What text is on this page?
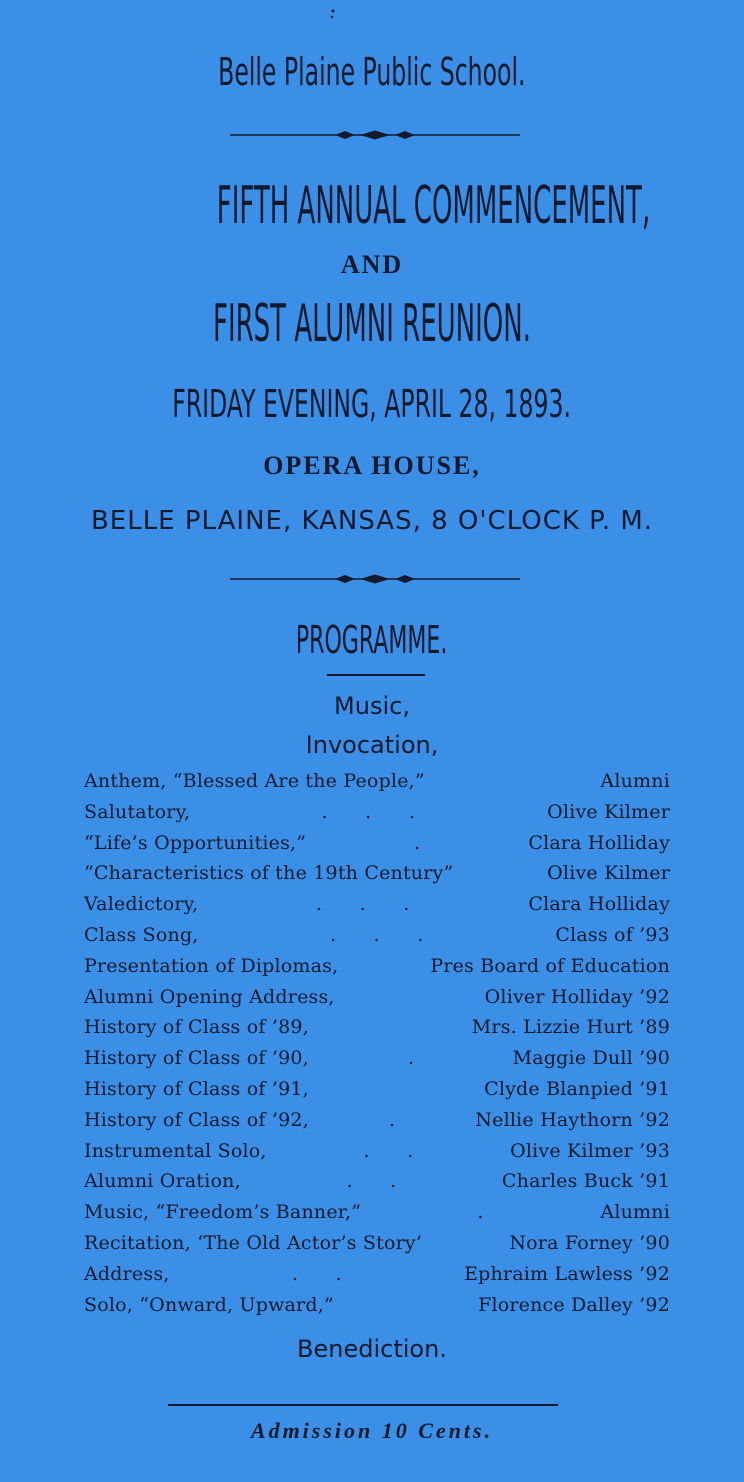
Belle Plaine Public School.
FIFTH ANNUAL COMMENCEMENT,
AND
FIRST ALUMNI REUNION.
FRIDAY EVENING, APRIL 28, 1893.
OPERA HOUSE,
BELLE PLAINE, KANSAS, 8 O'CLOCK P. M.
PROGRAMME.
Music,
Invocation,
Anthem, “Blessed Are the People,”	Alumni
Salutatory,	Olive Kilmer
.      .      .
“Life’s Opportunities,”	Clara Holliday
.
“Characteristics of the 19th Century”	Olive Kilmer
Valedictory,	Clara Holliday
.      .      .
Class Song,	Class of ’93
.      .      .
Presentation of Diplomas,	Pres Board of Education
Alumni Opening Address,	Oliver Holliday ’92
History of Class of ’89,	Mrs. Lizzie Hurt ’89
History of Class of ’90,	Maggie Dull ’90
.
History of Class of ’91,	Clyde Blanpied ’91
History of Class of ’92,	Nellie Haythorn ’92
.
Instrumental Solo,	Olive Kilmer ’93
.      .
Alumni Oration,	Charles Buck ’91
.      .
Music, “Freedom’s Banner,”	Alumni
.
Recitation, ‘The Old Actor’s Story’	Nora Forney ’90
Address,	Ephraim Lawless ’92
.      .
Solo, “Onward, Upward,”	Florence Dalley ’92
Benediction.
Admission 10 Cents.
